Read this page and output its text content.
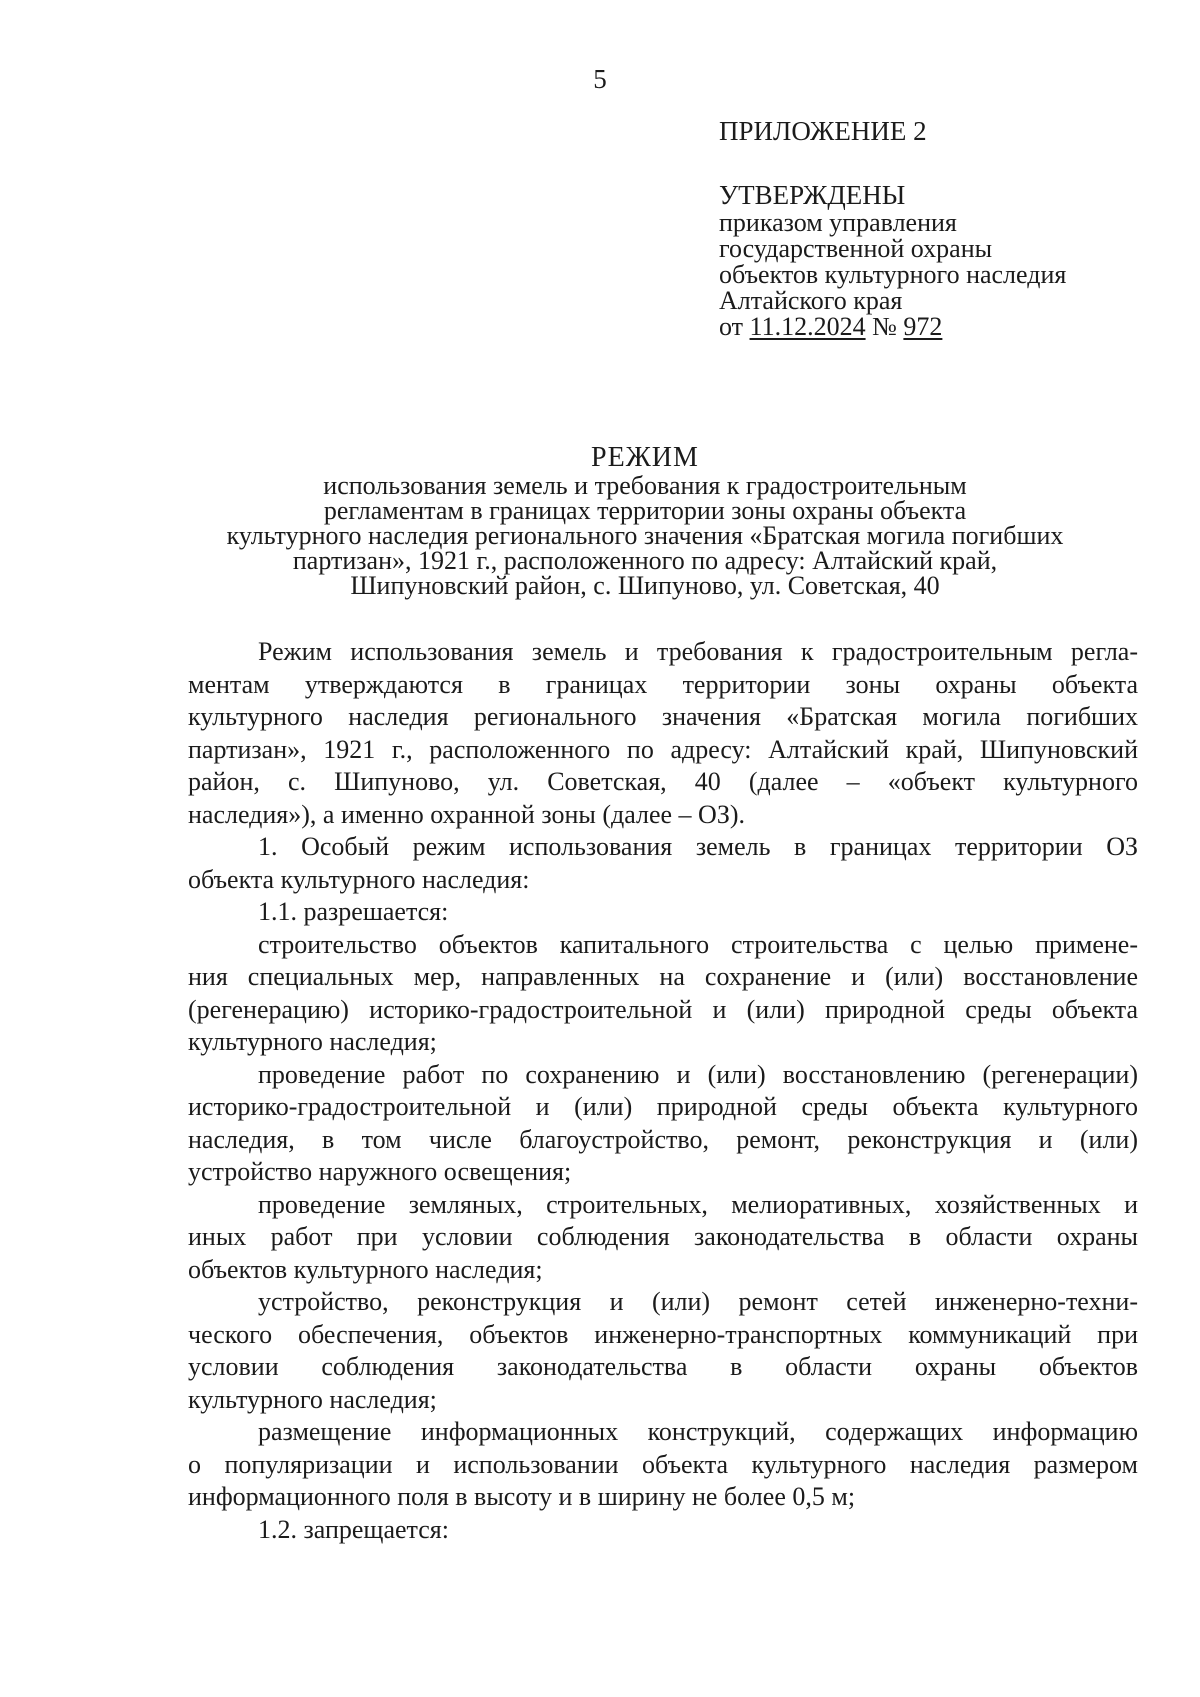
5
ПРИЛОЖЕНИЕ 2
УТВЕРЖДЕНЫ
приказом управления
государственной охраны
объектов культурного наследия
Алтайского края
от 11.12.2024 № 972
РЕЖИМ
использования земель и требования к градостроительным
регламентам в границах территории зоны охраны объекта
культурного наследия регионального значения «Братская могила погибших
партизан», 1921 г., расположенного по адресу: Алтайский край,
Шипуновский район, с. Шипуново, ул. Советская, 40
Режим использования земель и требования к градостроительным регла-
ментам утверждаются в границах территории зоны охраны объекта
культурного наследия регионального значения «Братская могила погибших
партизан», 1921 г., расположенного по адресу: Алтайский край, Шипуновский
район, с. Шипуново, ул. Советская, 40 (далее – «объект культурного
наследия»), а именно охранной зоны (далее – ОЗ).
1. Особый режим использования земель в границах территории ОЗ
объекта культурного наследия:
1.1. разрешается:
строительство объектов капитального строительства с целью примене-
ния специальных мер, направленных на сохранение и (или) восстановление
(регенерацию) историко-градостроительной и (или) природной среды объекта
культурного наследия;
проведение работ по сохранению и (или) восстановлению (регенерации)
историко-градостроительной и (или) природной среды объекта культурного
наследия, в том числе благоустройство, ремонт, реконструкция и (или)
устройство наружного освещения;
проведение земляных, строительных, мелиоративных, хозяйственных и
иных работ при условии соблюдения законодательства в области охраны
объектов культурного наследия;
устройство, реконструкция и (или) ремонт сетей инженерно-техни-
ческого обеспечения, объектов инженерно-транспортных коммуникаций при
условии соблюдения законодательства в области охраны объектов
культурного наследия;
размещение информационных конструкций, содержащих информацию
о популяризации и использовании объекта культурного наследия размером
информационного поля в высоту и в ширину не более 0,5 м;
1.2. запрещается:
